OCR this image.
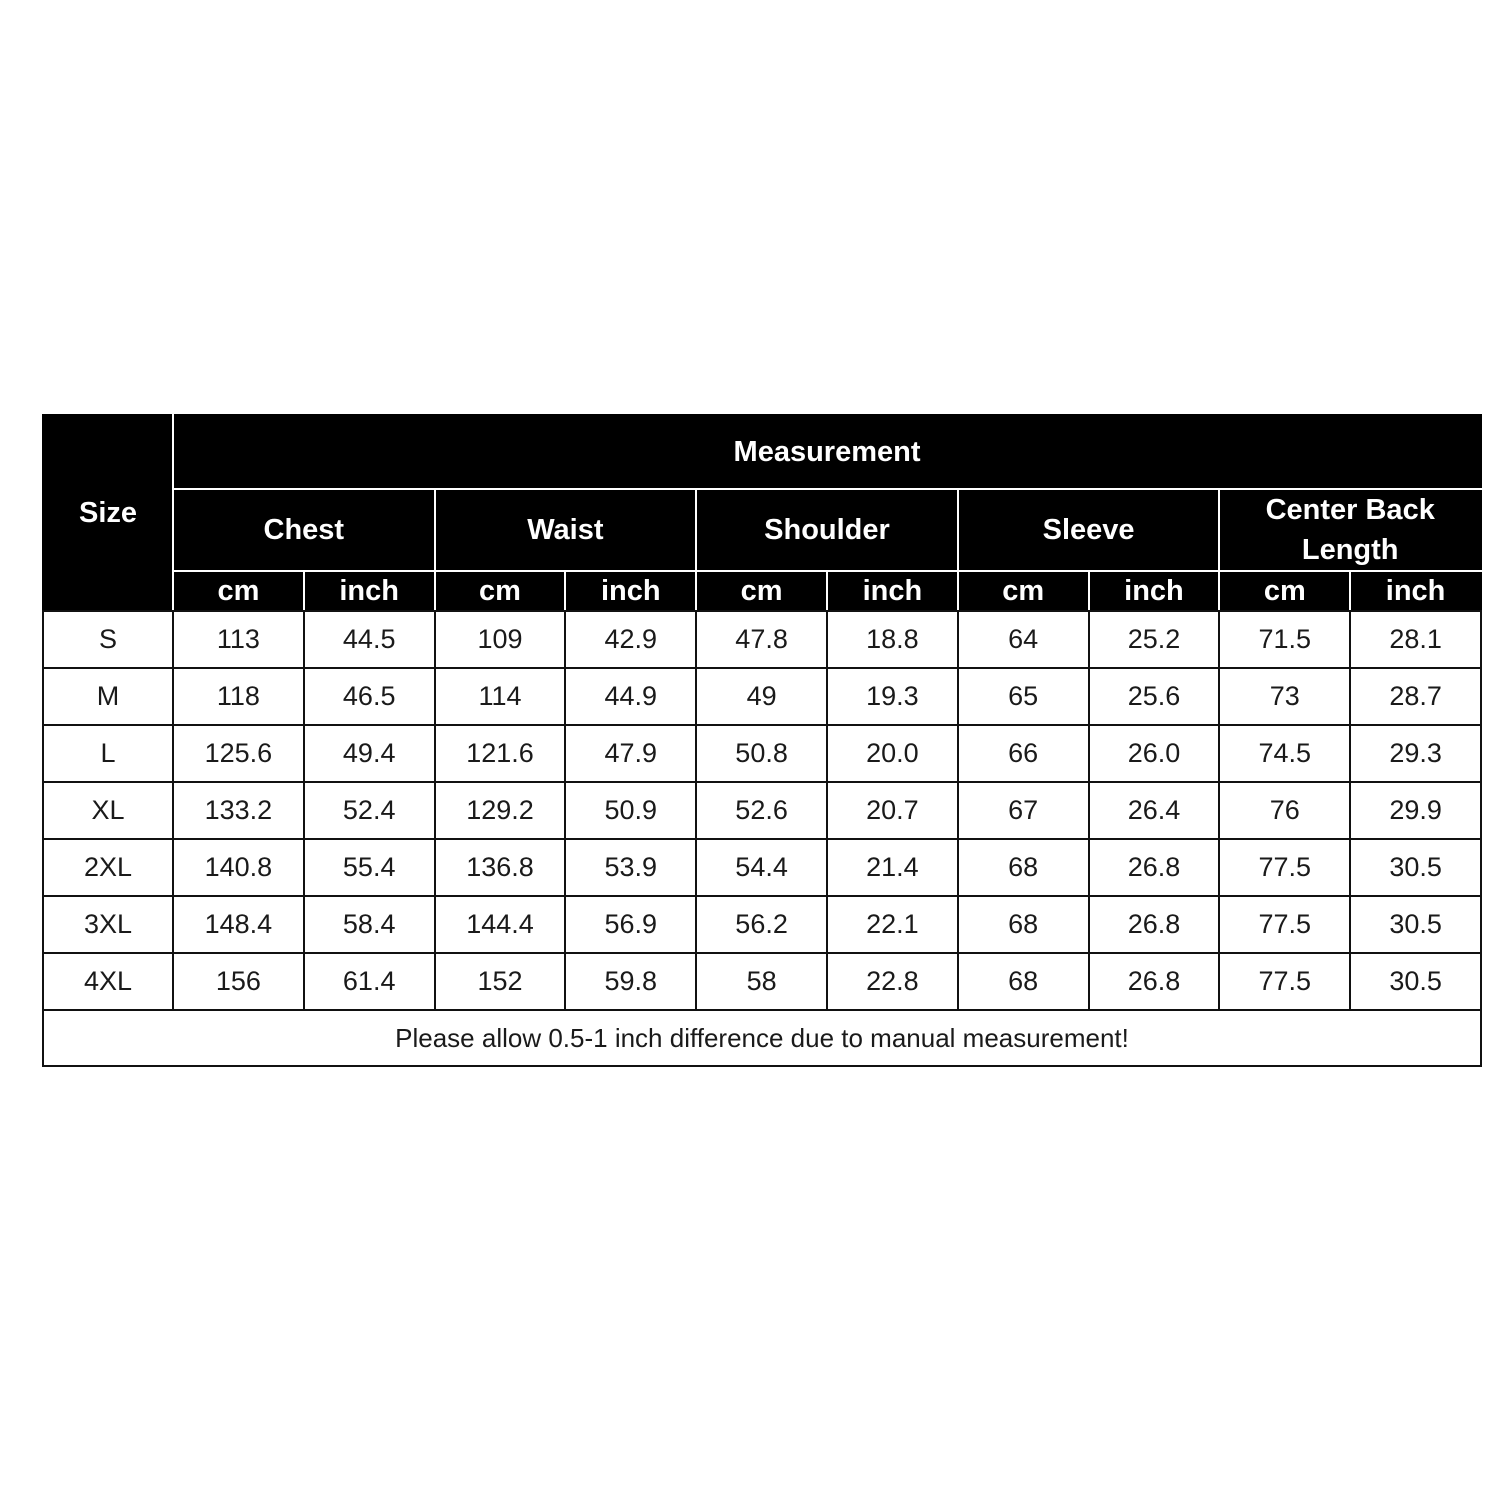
Size	Measurement									
	Chest		Waist		Shoulder		Sleeve		Center Back Length	
	cm	inch	cm	inch	cm	inch	cm	inch	cm	inch
S	113	44.5	109	42.9	47.8	18.8	64	25.2	71.5	28.1
M	118	46.5	114	44.9	49	19.3	65	25.6	73	28.7
L	125.6	49.4	121.6	47.9	50.8	20.0	66	26.0	74.5	29.3
XL	133.2	52.4	129.2	50.9	52.6	20.7	67	26.4	76	29.9
2XL	140.8	55.4	136.8	53.9	54.4	21.4	68	26.8	77.5	30.5
3XL	148.4	58.4	144.4	56.9	56.2	22.1	68	26.8	77.5	30.5
4XL	156	61.4	152	59.8	58	22.8	68	26.8	77.5	30.5
Please allow 0.5-1 inch difference due to manual measurement!										
